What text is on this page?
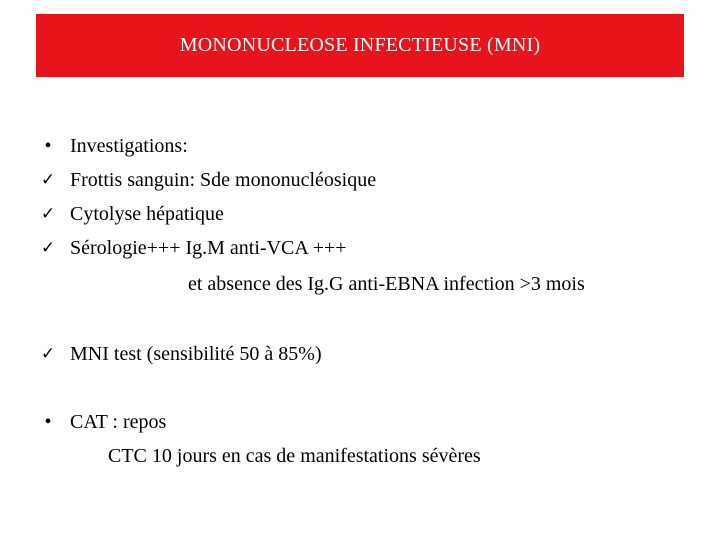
MONONUCLEOSE INFECTIEUSE (MNI)
• Investigations:
✓ Frottis sanguin: Sde mononucléosique
✓ Cytolyse hépatique
✓ Sérologie+++ Ig.M anti-VCA +++
et absence des Ig.G anti-EBNA infection >3 mois
✓ MNI test (sensibilité 50 à 85%)
• CAT : repos
CTC 10 jours en cas de manifestations sévères
